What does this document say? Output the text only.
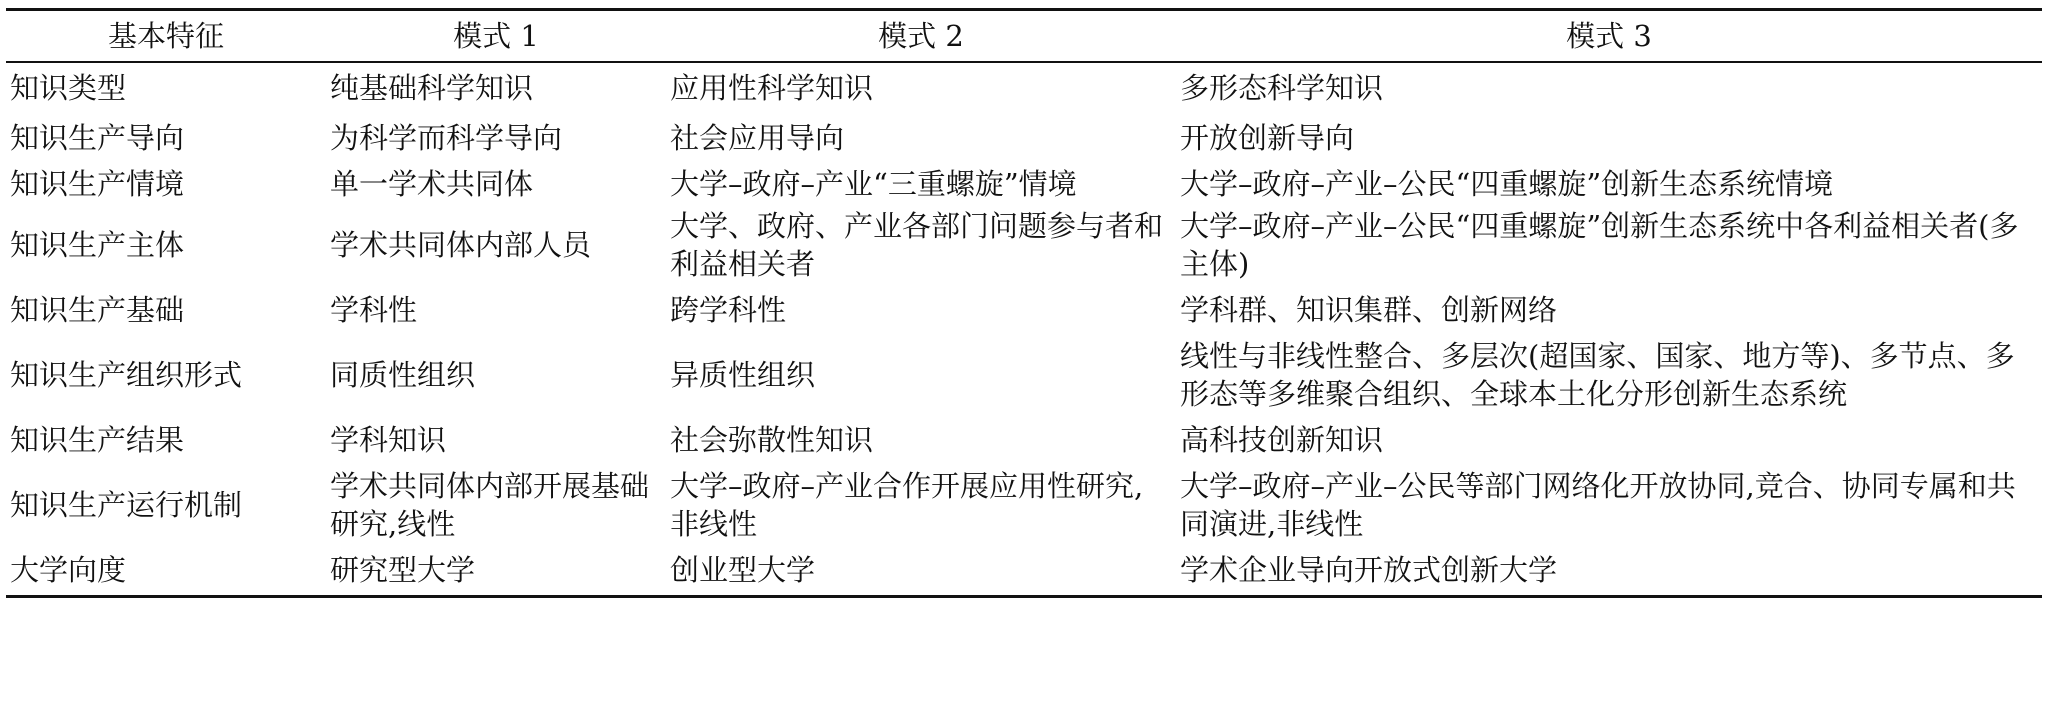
基本特征	模式 1	模式 2	模式 3
知识类型	纯基础科学知识	应用性科学知识	多形态科学知识
知识生产导向	为科学而科学导向	社会应用导向	开放创新导向
知识生产情境	单一学术共同体	大学–政府–产业“三重螺旋”情境	大学–政府–产业–公民“四重螺旋”创新生态系统情境
知识生产主体	学术共同体内部人员	大学、政府、产业各部门问题参与者和利益相关者	大学–政府–产业–公民“四重螺旋”创新生态系统中各利益相关者(多主体)
知识生产基础	学科性	跨学科性	学科群、知识集群、创新网络
知识生产组织形式	同质性组织	异质性组织	线性与非线性整合、多层次(超国家、国家、地方等)、多节点、多形态等多维聚合组织、全球本土化分形创新生态系统
知识生产结果	学科知识	社会弥散性知识	高科技创新知识
知识生产运行机制	学术共同体内部开展基础研究,线性	大学–政府–产业合作开展应用性研究,非线性	大学–政府–产业–公民等部门网络化开放协同,竞合、协同专属和共同演进,非线性
大学向度	研究型大学	创业型大学	学术企业导向开放式创新大学
